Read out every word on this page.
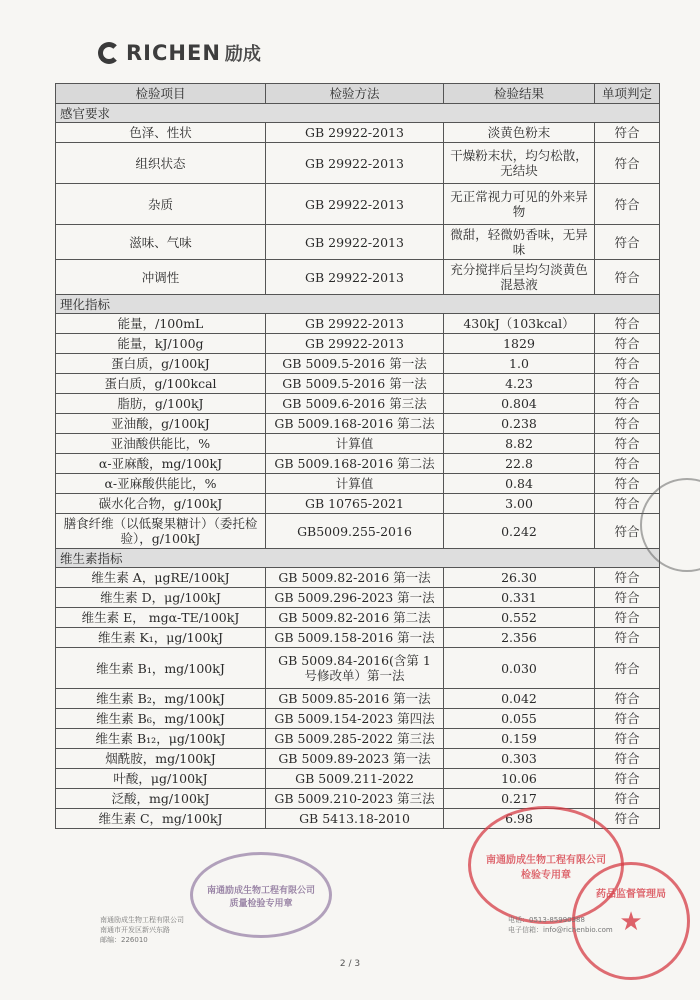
RICHEN 励成
检验项目	检验方法	检验结果	单项判定
感官要求			
色泽、性状	GB 29922-2013	淡黄色粉末	符合
组织状态	GB 29922-2013	干燥粉末状，均匀松散，无结块	符合
杂质	GB 29922-2013	无正常视力可见的外来异物	符合
滋味、气味	GB 29922-2013	微甜，轻微奶香味，无异味	符合
冲调性	GB 29922-2013	充分搅拌后呈均匀淡黄色混悬液	符合
理化指标			
能量，/100mL	GB 29922-2013	430kJ（103kcal）	符合
能量，kJ/100g	GB 29922-2013	1829	符合
蛋白质，g/100kJ	GB 5009.5-2016 第一法	1.0	符合
蛋白质，g/100kcal	GB 5009.5-2016 第一法	4.23	符合
脂肪，g/100kJ	GB 5009.6-2016 第三法	0.804	符合
亚油酸，g/100kJ	GB 5009.168-2016 第二法	0.238	符合
亚油酸供能比，%	计算值	8.82	符合
α-亚麻酸，mg/100kJ	GB 5009.168-2016 第二法	22.8	符合
α-亚麻酸供能比，%	计算值	0.84	符合
碳水化合物，g/100kJ	GB 10765-2021	3.00	符合
膳食纤维（以低聚果糖计）（委托检验），g/100kJ	GB5009.255-2016	0.242	符合
维生素指标			
维生素 A，μgRE/100kJ	GB 5009.82-2016 第一法	26.30	符合
维生素 D，μg/100kJ	GB 5009.296-2023 第一法	0.331	符合
维生素 E， mgα-TE/100kJ	GB 5009.82-2016 第二法	0.552	符合
维生素 K₁，μg/100kJ	GB 5009.158-2016 第一法	2.356	符合
维生素 B₁，mg/100kJ	GB 5009.84-2016(含第 1 号修改单）第一法	0.030	符合
维生素 B₂，mg/100kJ	GB 5009.85-2016 第一法	0.042	符合
维生素 B₆，mg/100kJ	GB 5009.154-2023 第四法	0.055	符合
维生素 B₁₂，μg/100kJ	GB 5009.285-2022 第三法	0.159	符合
烟酰胺，mg/100kJ	GB 5009.89-2023 第一法	0.303	符合
叶酸，μg/100kJ	GB 5009.211-2022	10.06	符合
泛酸，mg/100kJ	GB 5009.210-2023 第三法	0.217	符合
维生素 C，mg/100kJ	GB 5413.18-2010	6.98	符合
南通励成生物工程有限公司 质量检验专用章
南通励成生物工程有限公司 检验专用章
药品监督管理局
★
南通励成生物工程有限公司
南通市开发区新兴东路
邮编：226010
电话：0513-85990388
电子信箱：info@richenbio.com
2 / 3
